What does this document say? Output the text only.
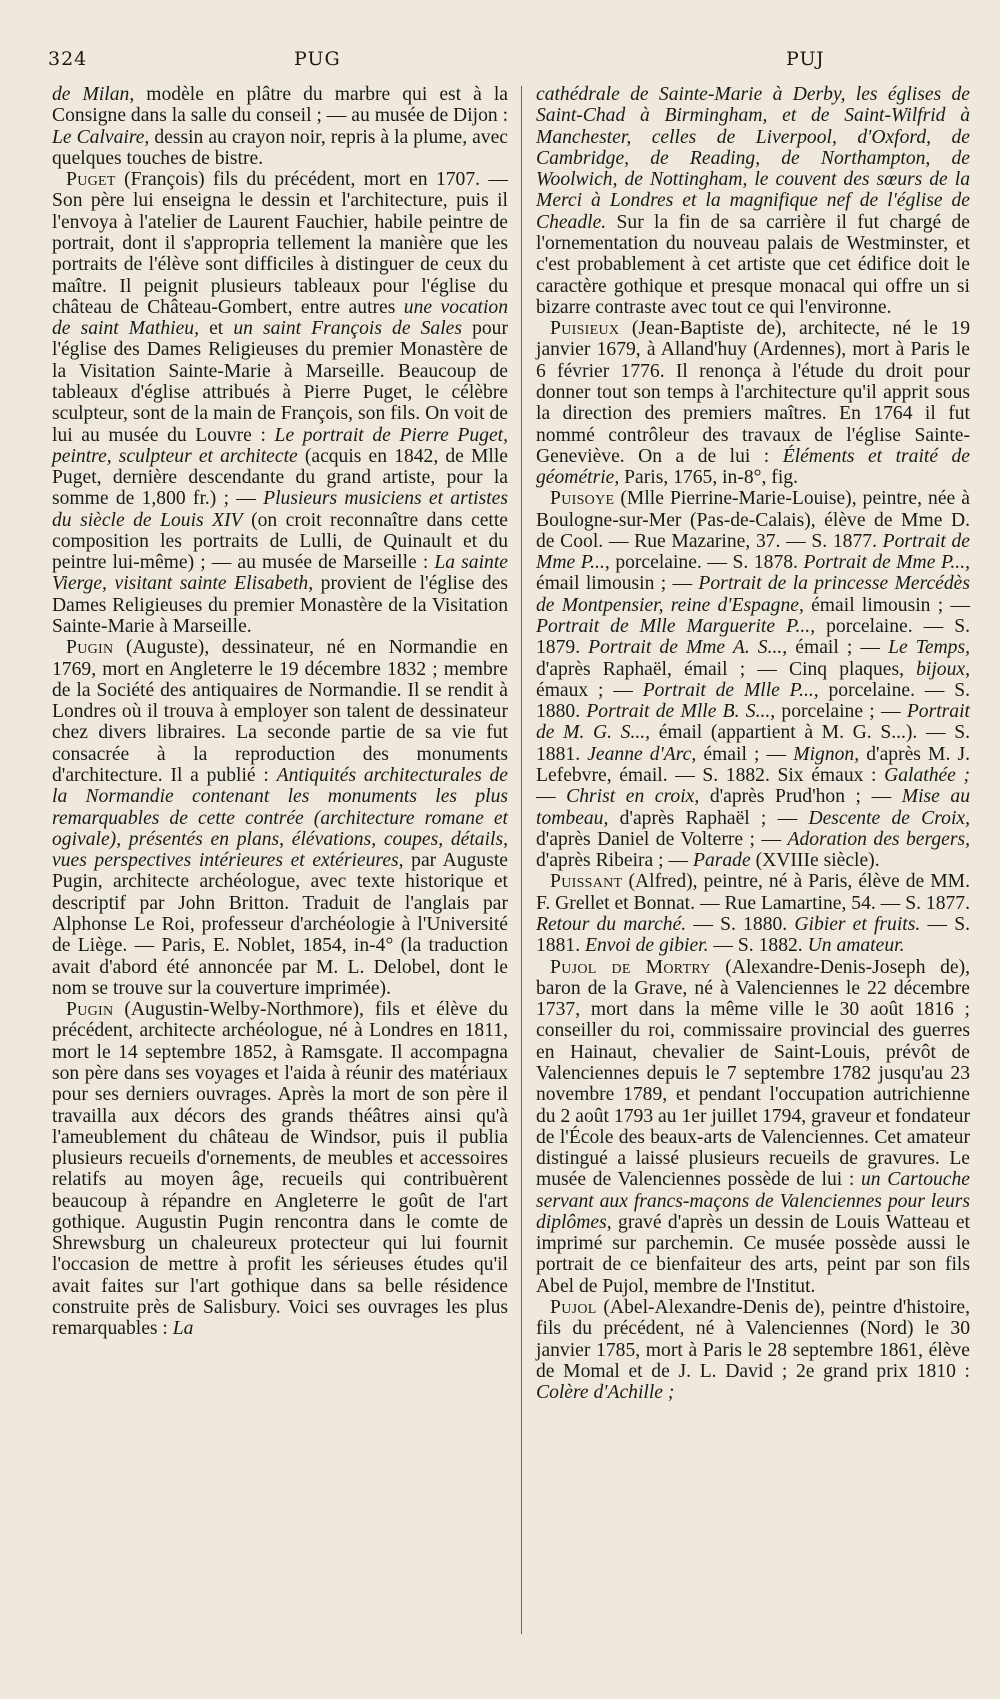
324	PUG	PUJ

de Milan, modèle en plâtre du marbre qui est à la Consigne dans la salle du conseil ; — au musée de Dijon : Le Calvaire, dessin au crayon noir, repris à la plume, avec quelques touches de bistre.

Puget (François) fils du précédent, mort en 1707. — Son père lui enseigna le dessin et l'architecture, puis il l'envoya à l'atelier de Laurent Fauchier, habile peintre de portrait, dont il s'appropria tellement la manière que les portraits de l'élève sont difficiles à distinguer de ceux du maître. Il peignit plusieurs tableaux pour l'église du château de Château-Gombert, entre autres une vocation de saint Mathieu, et un saint François de Sales pour l'église des Dames Religieuses du premier Monastère de la Visitation Sainte-Marie à Marseille. Beaucoup de tableaux d'église attribués à Pierre Puget, le célèbre sculpteur, sont de la main de François, son fils. On voit de lui au musée du Louvre : Le portrait de Pierre Puget, peintre, sculpteur et architecte (acquis en 1842, de Mlle Puget, dernière descendante du grand artiste, pour la somme de 1,800 fr.) ; — Plusieurs musiciens et artistes du siècle de Louis XIV (on croit reconnaître dans cette composition les portraits de Lulli, de Quinault et du peintre lui-même) ; — au musée de Marseille : La sainte Vierge, visitant sainte Elisabeth, provient de l'église des Dames Religieuses du premier Monastère de la Visitation Sainte-Marie à Marseille.

Pugin (Auguste), dessinateur, né en Normandie en 1769, mort en Angleterre le 19 décembre 1832 ; membre de la Société des antiquaires de Normandie. Il se rendit à Londres où il trouva à employer son talent de dessinateur chez divers libraires. La seconde partie de sa vie fut consacrée à la reproduction des monuments d'architecture. Il a publié : Antiquités architecturales de la Normandie contenant les monuments les plus remarquables de cette contrée (architecture romane et ogivale), présentés en plans, élévations, coupes, détails, vues perspectives intérieures et extérieures, par Auguste Pugin, architecte archéologue, avec texte historique et descriptif par John Britton. Traduit de l'anglais par Alphonse Le Roi, professeur d'archéologie à l'Université de Liège. — Paris, E. Noblet, 1854, in-4° (la traduction avait d'abord été annoncée par M. L. Delobel, dont le nom se trouve sur la couverture imprimée).

Pugin (Augustin-Welby-Northmore), fils et élève du précédent, architecte archéologue, né à Londres en 1811, mort le 14 septembre 1852, à Ramsgate. Il accompagna son père dans ses voyages et l'aida à réunir des matériaux pour ses derniers ouvrages. Après la mort de son père il travailla aux décors des grands théâtres ainsi qu'à l'ameublement du château de Windsor, puis il publia plusieurs recueils d'ornements, de meubles et accessoires relatifs au moyen âge, recueils qui contribuèrent beaucoup à répandre en Angleterre le goût de l'art gothique. Augustin Pugin rencontra dans le comte de Shrewsburg un chaleureux protecteur qui lui fournit l'occasion de mettre à profit les sérieuses études qu'il avait faites sur l'art gothique dans sa belle résidence construite près de Salisbury. Voici ses ouvrages les plus remarquables : La

cathédrale de Sainte-Marie à Derby, les églises de Saint-Chad à Birmingham, et de Saint-Wilfrid à Manchester, celles de Liverpool, d'Oxford, de Cambridge, de Reading, de Northampton, de Woolwich, de Nottingham, le couvent des sœurs de la Merci à Londres et la magnifique nef de l'église de Cheadle. Sur la fin de sa carrière il fut chargé de l'ornementation du nouveau palais de Westminster, et c'est probablement à cet artiste que cet édifice doit le caractère gothique et presque monacal qui offre un si bizarre contraste avec tout ce qui l'environne.

Puisieux (Jean-Baptiste de), architecte, né le 19 janvier 1679, à Alland'huy (Ardennes), mort à Paris le 6 février 1776. Il renonça à l'étude du droit pour donner tout son temps à l'architecture qu'il apprit sous la direction des premiers maîtres. En 1764 il fut nommé contrôleur des travaux de l'église Sainte-Geneviève. On a de lui : Éléments et traité de géométrie, Paris, 1765, in-8°, fig.

Puisoye (Mlle Pierrine-Marie-Louise), peintre, née à Boulogne-sur-Mer (Pas-de-Calais), élève de Mme D. de Cool. — Rue Mazarine, 37. — S. 1877. Portrait de Mme P..., porcelaine. — S. 1878. Portrait de Mme P..., émail limousin ; — Portrait de la princesse Mercédès de Montpensier, reine d'Espagne, émail limousin ; — Portrait de Mlle Marguerite P..., porcelaine. — S. 1879. Portrait de Mme A. S..., émail ; — Le Temps, d'après Raphaël, émail ; — Cinq plaques, bijoux, émaux ; — Portrait de Mlle P..., porcelaine. — S. 1880. Portrait de Mlle B. S..., porcelaine ; — Portrait de M. G. S..., émail (appartient à M. G. S...). — S. 1881. Jeanne d'Arc, émail ; — Mignon, d'après M. J. Lefebvre, émail. — S. 1882. Six émaux : Galathée ; — Christ en croix, d'après Prud'hon ; — Mise au tombeau, d'après Raphaël ; — Descente de Croix, d'après Daniel de Volterre ; — Adoration des bergers, d'après Ribeira ; — Parade (XVIIIe siècle).

Puissant (Alfred), peintre, né à Paris, élève de MM. F. Grellet et Bonnat. — Rue Lamartine, 54. — S. 1877. Retour du marché. — S. 1880. Gibier et fruits. — S. 1881. Envoi de gibier. — S. 1882. Un amateur.

Pujol de Mortry (Alexandre-Denis-Joseph de), baron de la Grave, né à Valenciennes le 22 décembre 1737, mort dans la même ville le 30 août 1816 ; conseiller du roi, commissaire provincial des guerres en Hainaut, chevalier de Saint-Louis, prévôt de Valenciennes depuis le 7 septembre 1782 jusqu'au 23 novembre 1789, et pendant l'occupation autrichienne du 2 août 1793 au 1er juillet 1794, graveur et fondateur de l'École des beaux-arts de Valenciennes. Cet amateur distingué a laissé plusieurs recueils de gravures. Le musée de Valenciennes possède de lui : un Cartouche servant aux francs-maçons de Valenciennes pour leurs diplômes, gravé d'après un dessin de Louis Watteau et imprimé sur parchemin. Ce musée possède aussi le portrait de ce bienfaiteur des arts, peint par son fils Abel de Pujol, membre de l'Institut.

Pujol (Abel-Alexandre-Denis de), peintre d'histoire, fils du précédent, né à Valenciennes (Nord) le 30 janvier 1785, mort à Paris le 28 septembre 1861, élève de Momal et de J. L. David ; 2e grand prix 1810 : Colère d'Achille ;
